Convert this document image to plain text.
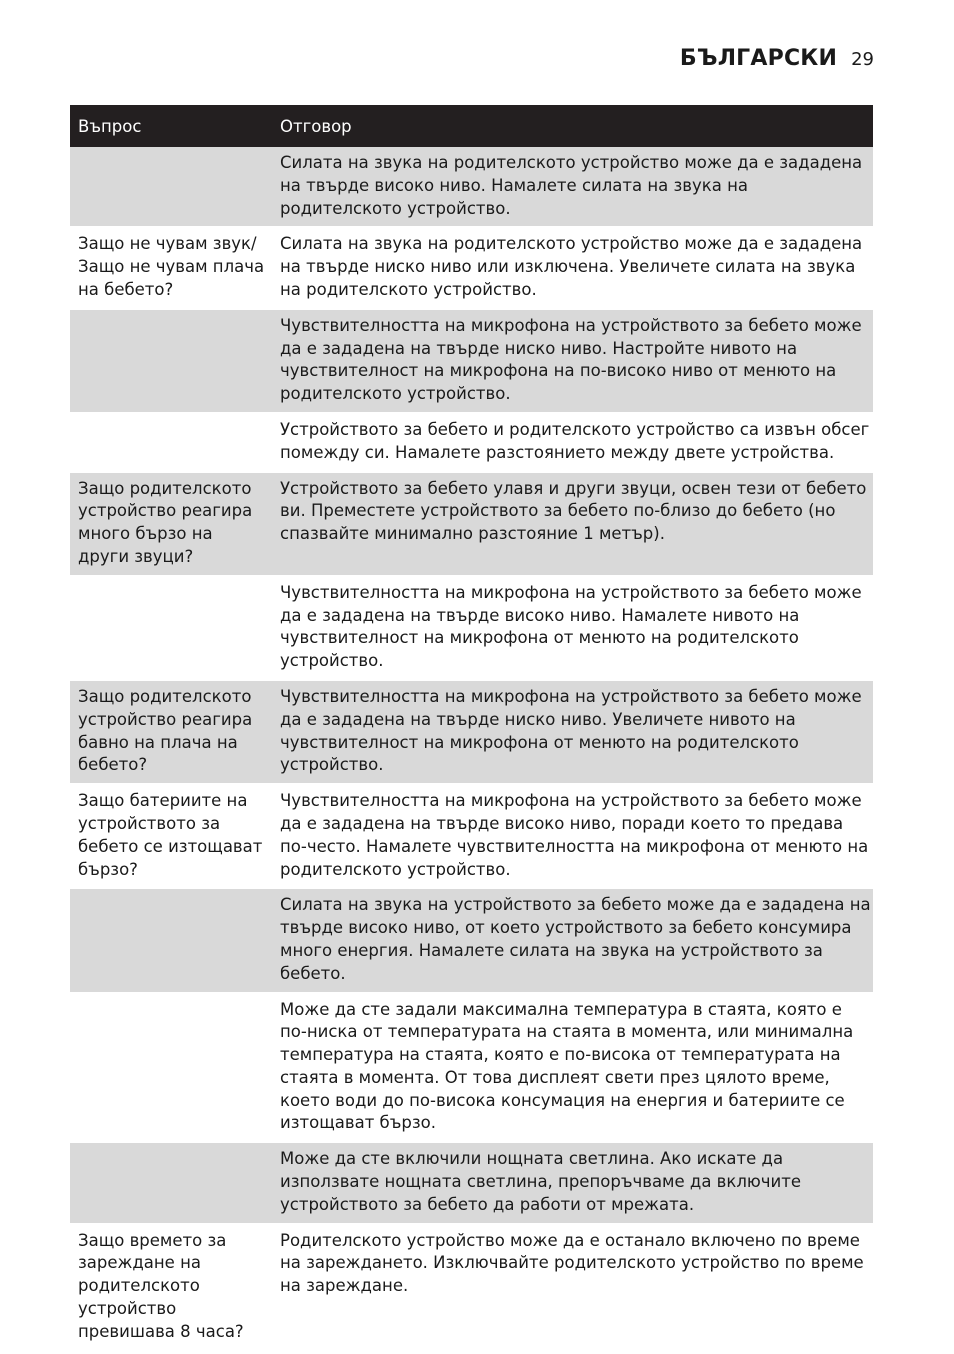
БЪЛГАРСКИ 29
Въпрос	Отговор
	Силата на звука на родителското устройство може да е зададена на твърде високо ниво. Намалете силата на звука на родителското устройство.
Защо не чувам звук/ Защо не чувам плача на бебето?	Силата на звука на родителското устройство може да е зададена на твърде ниско ниво или изключена. Увеличете силата на звука на родителското устройство.
	Чувствителността на микрофона на устройството за бебето може да е зададена на твърде ниско ниво. Настройте нивото на чувствителност на микрофона на по-високо ниво от менюто на родителското устройство.
	Устройството за бебето и родителското устройство са извън обсег помежду си. Намалете разстоянието между двете устройства.
Защо родителското устройство реагира много бързо на други звуци?	Устройството за бебето улавя и други звуци, освен тези от бебето ви. Преместете устройството за бебето по-близо до бебето (но спазвайте минимално разстояние 1 метър).
	Чувствителността на микрофона на устройството за бебето може да е зададена на твърде високо ниво. Намалете нивото на чувствителност на микрофона от менюто на родителското устройство.
Защо родителското устройство реагира бавно на плача на бебето?	Чувствителността на микрофона на устройството за бебето може да е зададена на твърде ниско ниво. Увеличете нивото на чувствителност на микрофона от менюто на родителското устройство.
Защо батериите на устройството за бебето се изтощават бързо?	Чувствителността на микрофона на устройството за бебето може да е зададена на твърде високо ниво, поради което то предава по-често. Намалете чувствителността на микрофона от менюто на родителското устройство.
	Силата на звука на устройството за бебето може да е зададена на твърде високо ниво, от което устройството за бебето консумира много енергия. Намалете силата на звука на устройството за бебето.
	Може да сте задали максимална температура в стаята, която е по-ниска от температурата на стаята в момента, или минимална температура на стаята, която е по-висока от температурата на стаята в момента. От това дисплеят свети през цялото време, което води до по-висока консумация на енергия и батериите се изтощават бързо.
	Може да сте включили нощната светлина. Ако искате да използвате нощната светлина, препоръчваме да включите устройството за бебето да работи от мрежата.
Защо времето за зареждане на родителското устройство превишава 8 часа?	Родителското устройство може да е останало включено по време на зареждането. Изключвайте родителското устройство по време на зареждане.
